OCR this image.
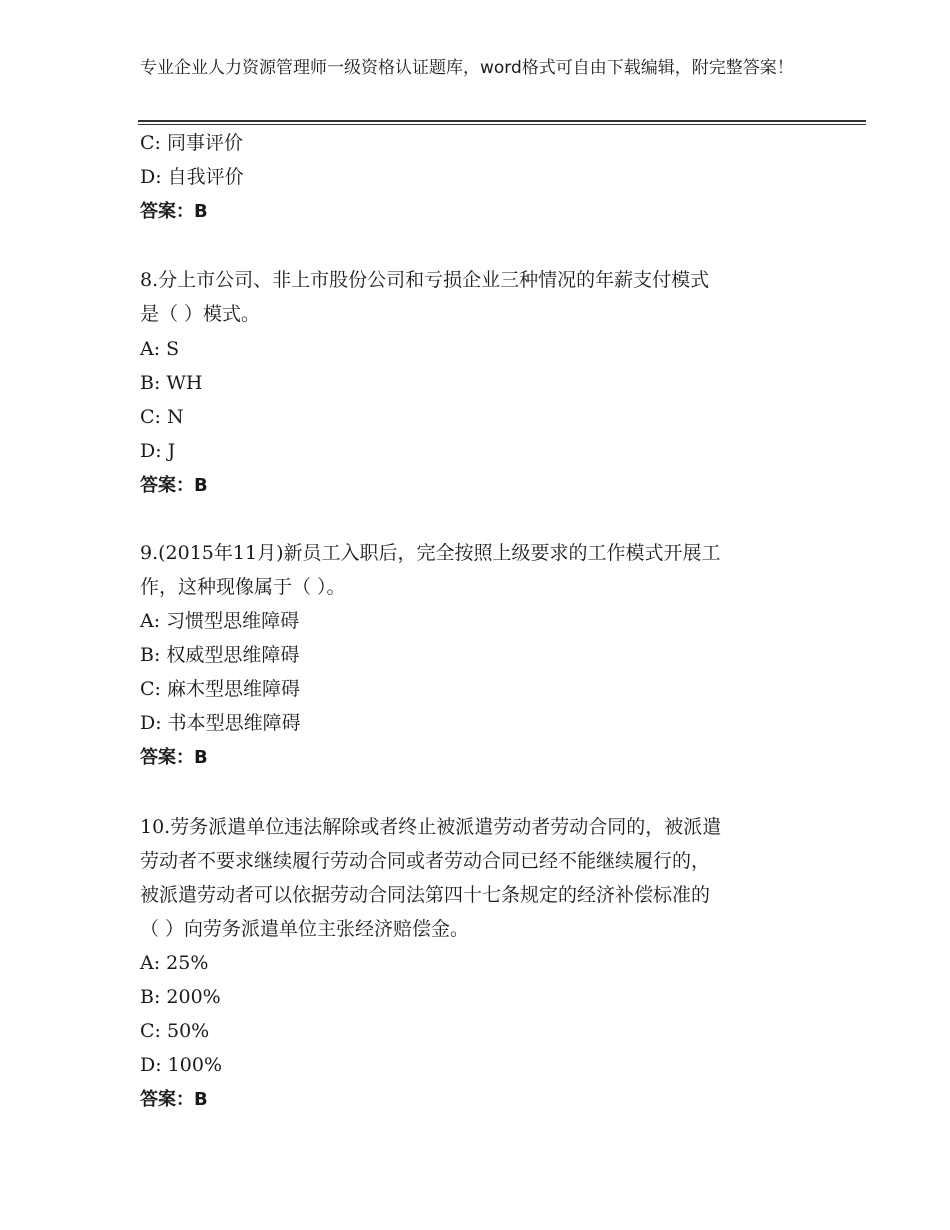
专业企业人力资源管理师一级资格认证题库，word格式可自由下载编辑，附完整答案！
C: 同事评价
D: 自我评价
答案：B
8.分上市公司、非上市股份公司和亏损企业三种情况的年薪支付模式
是（ ）模式。
A: S
B: WH
C: N
D: J
答案：B
9.(2015年11月)新员工入职后，完全按照上级要求的工作模式开展工
作，这种现像属于（ ）。
A: 习惯型思维障碍
B: 权威型思维障碍
C: 麻木型思维障碍
D: 书本型思维障碍
答案：B
10.劳务派遣单位违法解除或者终止被派遣劳动者劳动合同的，被派遣
劳动者不要求继续履行劳动合同或者劳动合同已经不能继续履行的，
被派遣劳动者可以依据劳动合同法第四十七条规定的经济补偿标准的
（ ）向劳务派遣单位主张经济赔偿金。
A: 25%
B: 200%
C: 50%
D: 100%
答案：B
